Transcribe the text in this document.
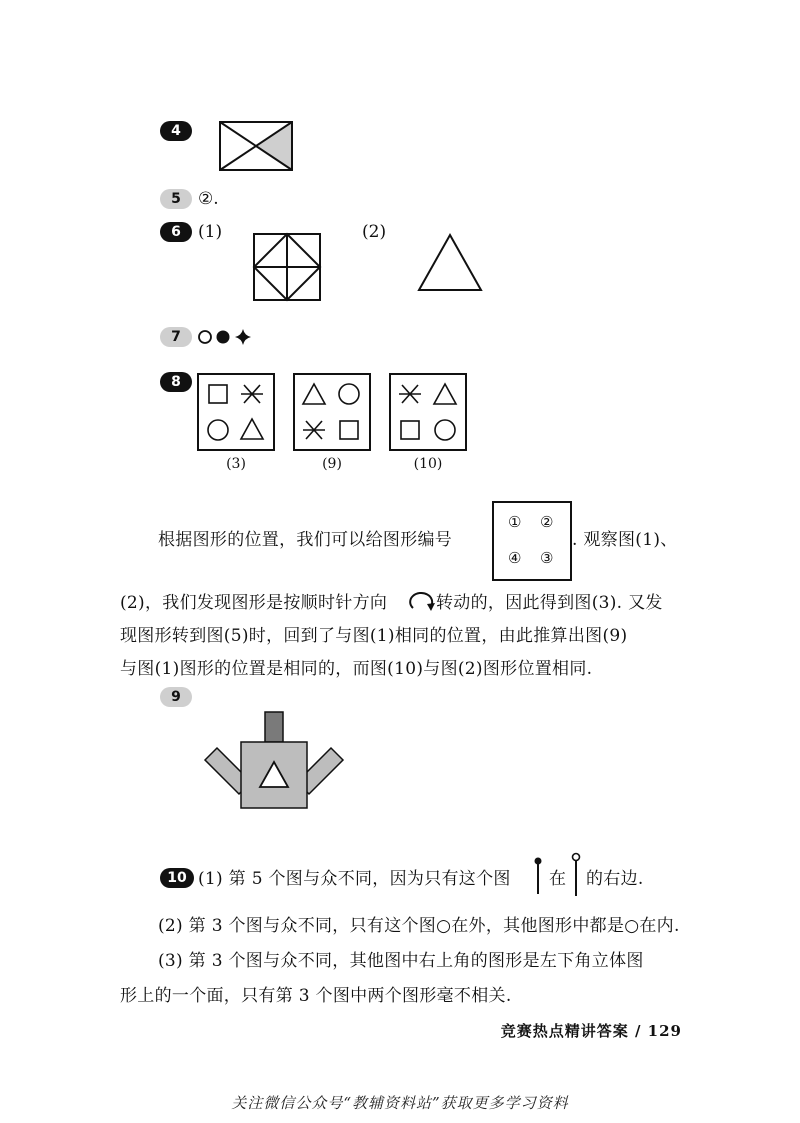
4
5	②.
6	(1)	(2)
7
8
(3)	(9)	(10)
根据图形的位置，我们可以给图形编号
① ②
④ ③
. 观察图(1)、
(2)，我们发现图形是按顺时针方向	转动的，因此得到图(3). 又发
现图形转到图(5)时，回到了与图(1)相同的位置，由此推算出图(9)
与图(1)图形的位置是相同的，而图(10)与图(2)图形位置相同.
9
10 (1) 第 5 个图与众不同，因为只有这个图 在 的右边.
(2) 第 3 个图与众不同，只有这个图○在外，其他图形中都是○在内.
(3) 第 3 个图与众不同，其他图中右上角的图形是左下角立体图
形上的一个面，只有第 3 个图中两个图形毫不相关.
竞赛热点精讲答案 / 129
关注微信公众号“教辅资料站”获取更多学习资料
